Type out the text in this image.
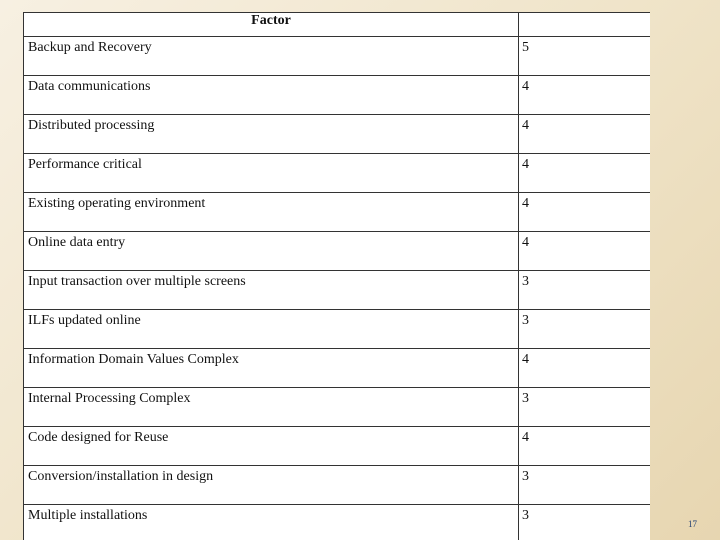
Factor	
Backup and Recovery	5
Data communications	4
Distributed processing	4
Performance critical	4
Existing operating environment	4
Online data entry	4
Input transaction over multiple screens	3
ILFs updated online	3
Information Domain Values Complex	4
Internal Processing Complex	3
Code designed for Reuse	4
Conversion/installation in design	3
Multiple installations	3
17
